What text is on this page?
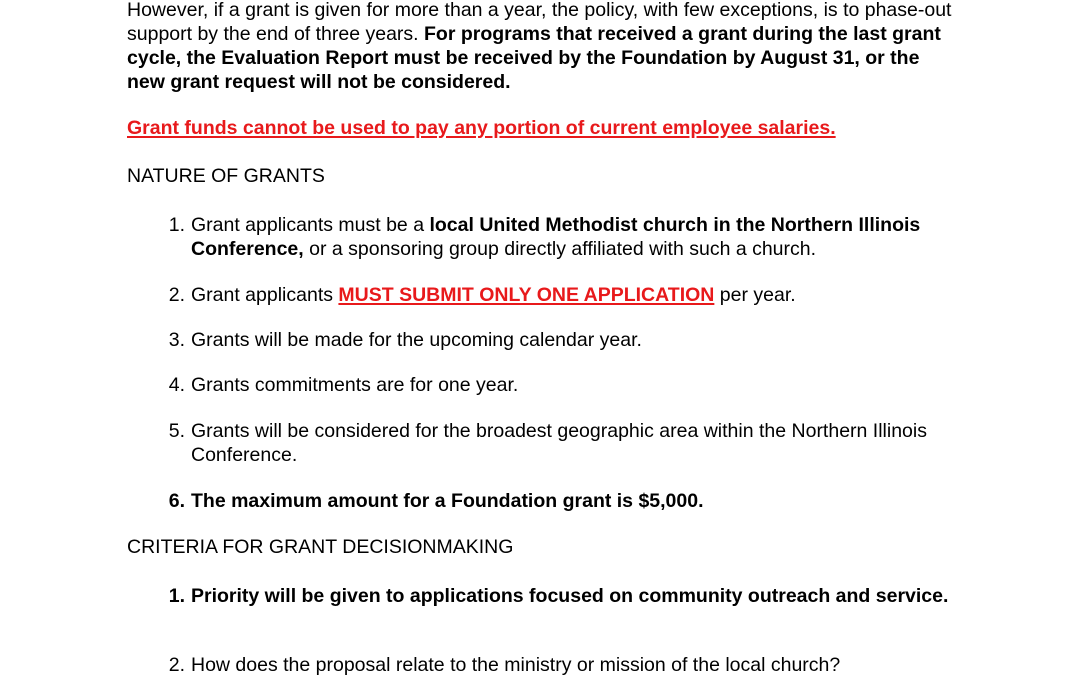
However, if a grant is given for more than a year, the policy, with few exceptions, is to phase-out support by the end of three years. For programs that received a grant during the last grant cycle, the Evaluation Report must be received by the Foundation by August 31, or the new grant request will not be considered.

Grant funds cannot be used to pay any portion of current employee salaries.

NATURE OF GRANTS

1. Grant applicants must be a local United Methodist church in the Northern Illinois Conference, or a sponsoring group directly affiliated with such a church.
2. Grant applicants MUST SUBMIT ONLY ONE APPLICATION per year.
3. Grants will be made for the upcoming calendar year.
4. Grants commitments are for one year.
5. Grants will be considered for the broadest geographic area within the Northern Illinois Conference.
6. The maximum amount for a Foundation grant is $5,000.

CRITERIA FOR GRANT DECISIONMAKING

1. Priority will be given to applications focused on community outreach and service.
2. How does the proposal relate to the ministry or mission of the local church?
